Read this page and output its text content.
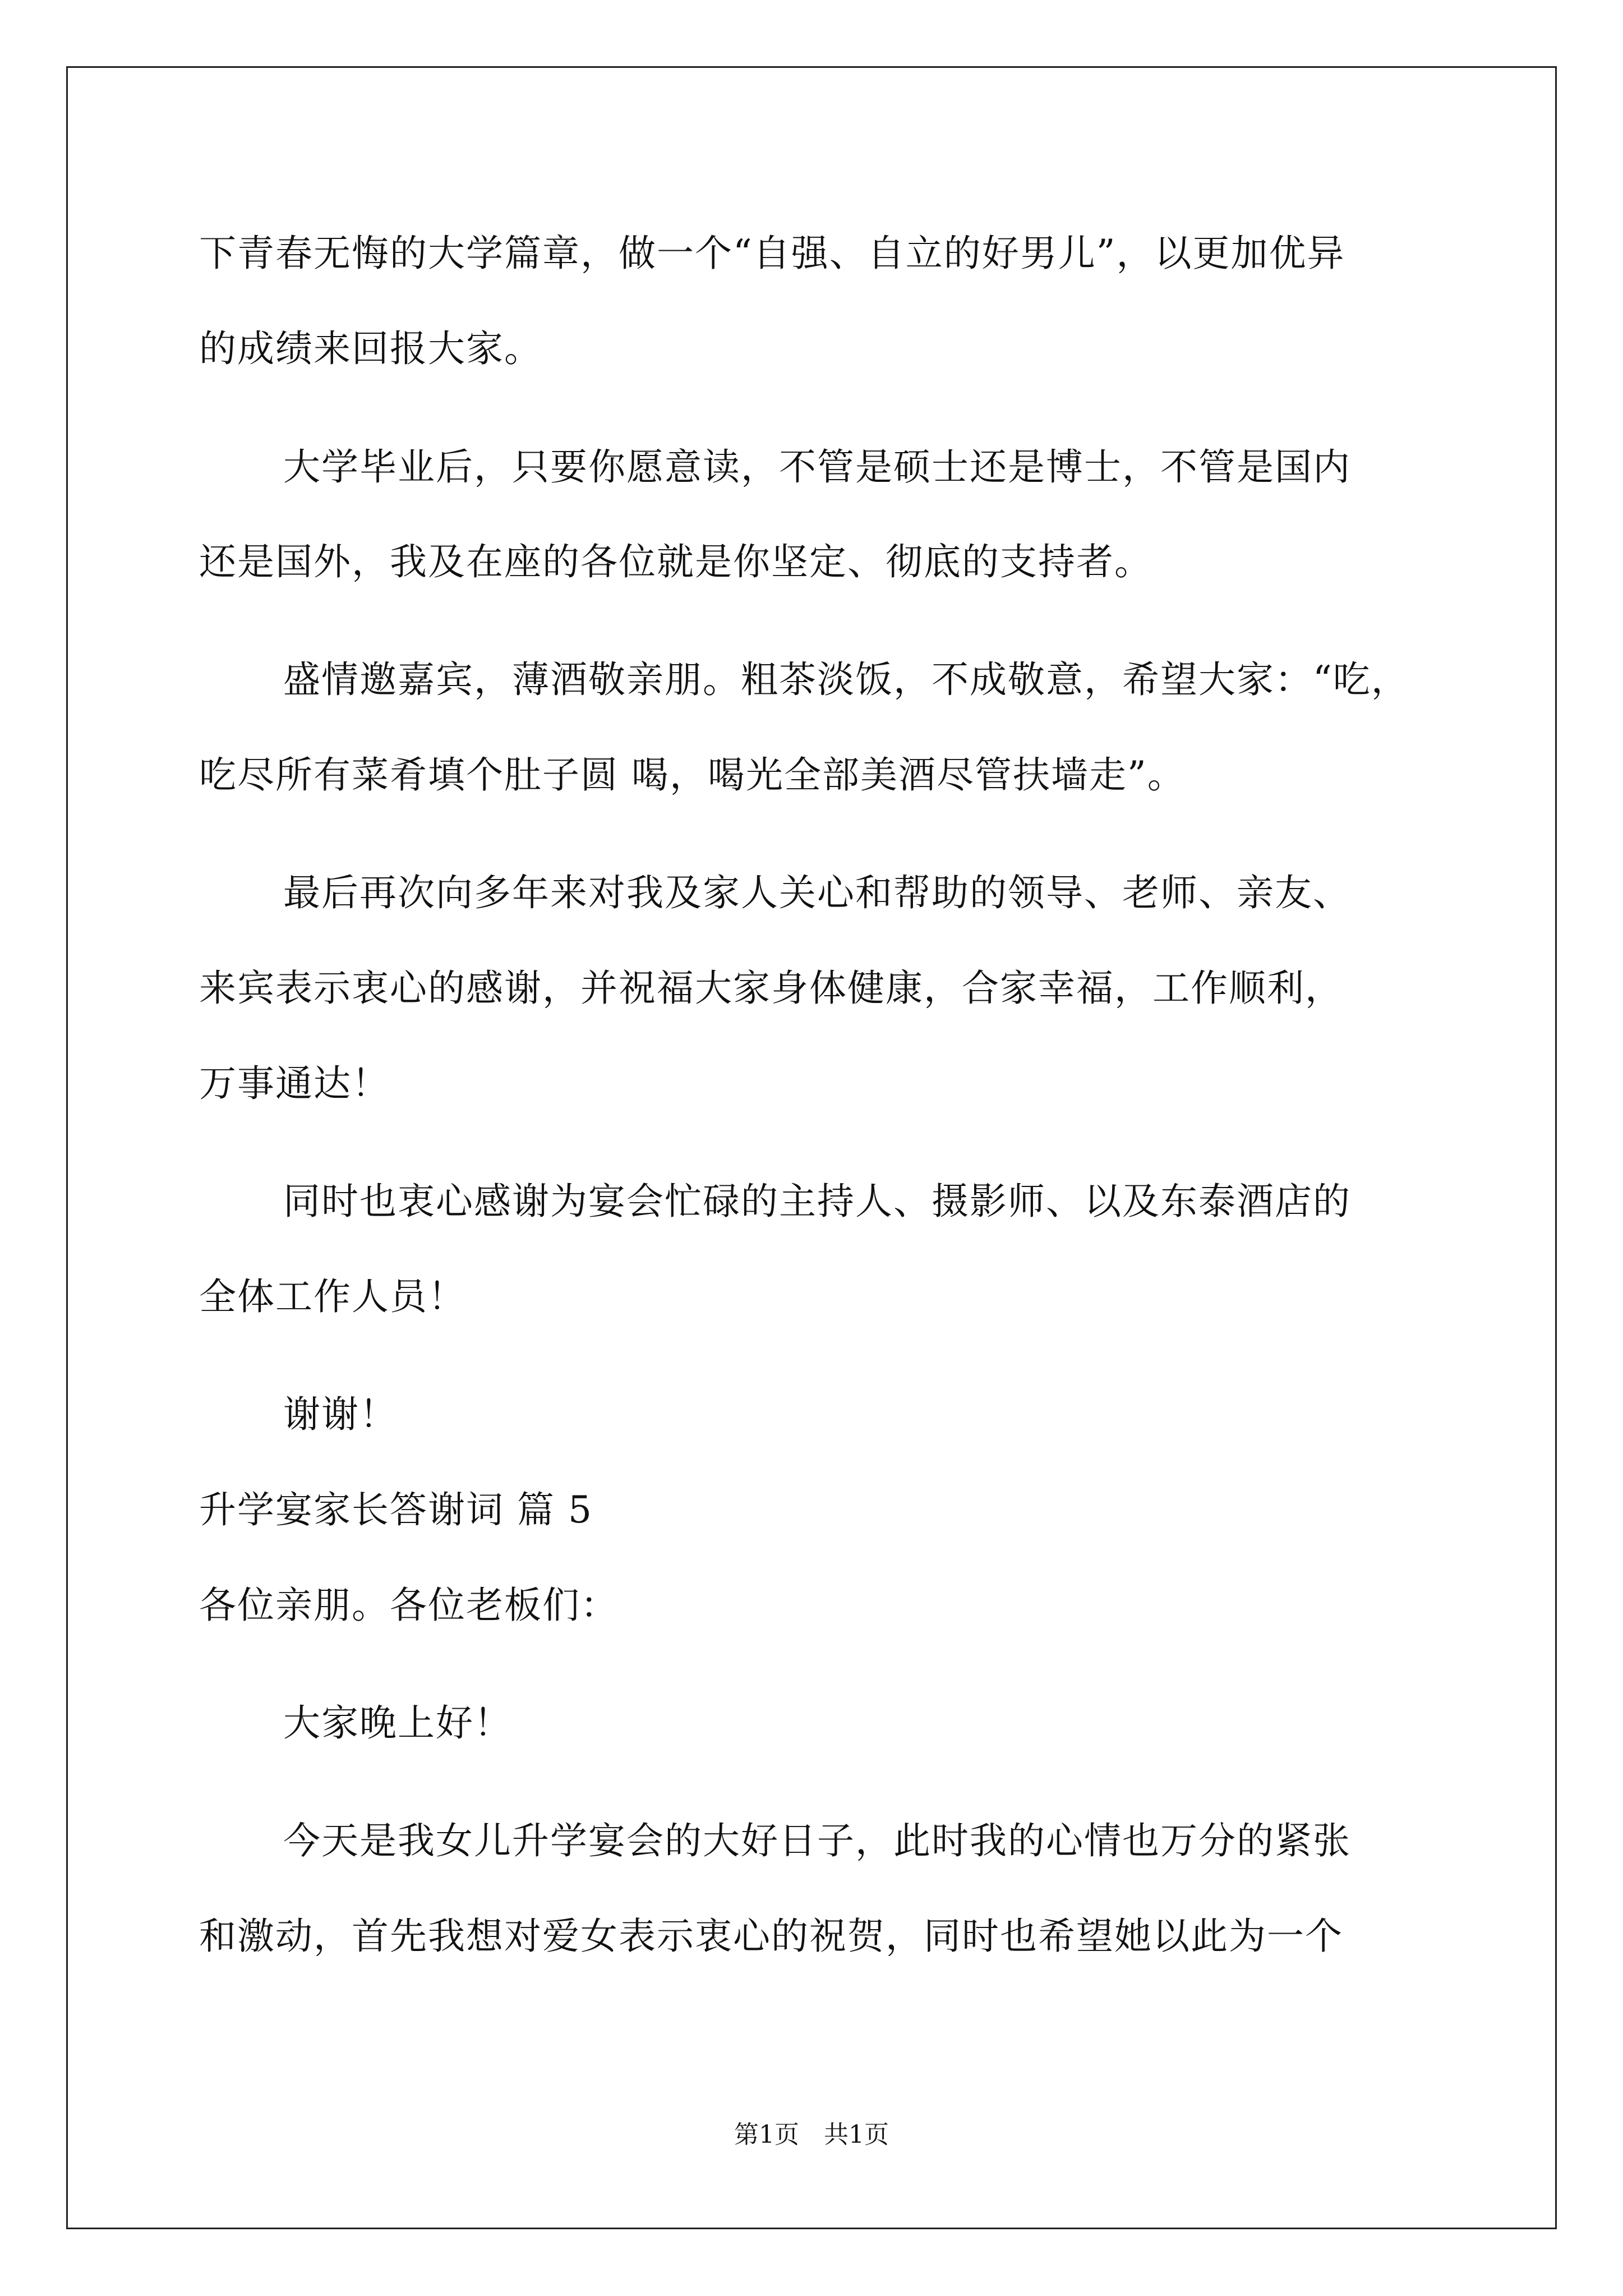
下青春无悔的大学篇章，做一个“自强、自立的好男儿”，以更加优异
的成绩来回报大家。
大学毕业后，只要你愿意读，不管是硕士还是博士，不管是国内
还是国外，我及在座的各位就是你坚定、彻底的支持者。
盛情邀嘉宾，薄酒敬亲朋。粗茶淡饭，不成敬意，希望大家：“吃，
吃尽所有菜肴填个肚子圆 喝，喝光全部美酒尽管扶墙走”。
最后再次向多年来对我及家人关心和帮助的领导、老师、亲友、
来宾表示衷心的感谢，并祝福大家身体健康，合家幸福，工作顺利，
万事通达！
同时也衷心感谢为宴会忙碌的主持人、摄影师、以及东泰酒店的
全体工作人员！
谢谢！
升学宴家长答谢词 篇 5
各位亲朋。各位老板们：
大家晚上好！
今天是我女儿升学宴会的大好日子，此时我的心情也万分的紧张
和激动，首先我想对爱女表示衷心的祝贺，同时也希望她以此为一个
第1页　共1页
